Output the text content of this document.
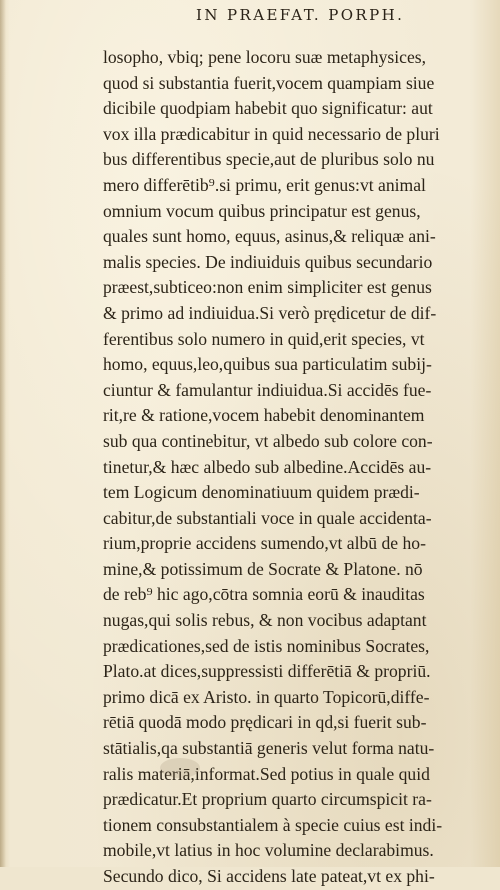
IN PRAEFAT. PORPH.
losopho, vbiq; pene locoru suæ metaphysices,
quod si substantia fuerit,vocem quampiam siue
dicibile quodpiam habebit quo significatur: aut
vox illa prædicabitur in quid necessario de pluri
bus differentibus specie,aut de pluribus solo nu
mero differētib⁹.si primu, erit genus:vt animal
omnium vocum quibus principatur est genus,
quales sunt homo, equus, asinus,& reliquæ ani-
malis species. De indiuiduis quibus secundario
præest,subticeo:non enim simpliciter est genus
& primo ad indiuidua.Si verò prędicetur de dif-
ferentibus solo numero in quid,erit species, vt
homo, equus,leo,quibus sua particulatim subij-
ciuntur & famulantur indiuidua.Si accidēs fue-
rit,re & ratione,vocem habebit denominantem
sub qua continebitur, vt albedo sub colore con-
tinetur,& hæc albedo sub albedine.Accidēs au-
tem Logicum denominatiuum quidem prædi-
cabitur,de substantiali voce in quale accidenta-
rium,proprie accidens sumendo,vt albū de ho-
mine,& potissimum de Socrate & Platone. nō
de reb⁹ hic ago,cōtra somnia eorū & inauditas
nugas,qui solis rebus, & non vocibus adaptant
prædicationes,sed de istis nominibus Socrates,
Plato.at dices,suppressisti differētiā & propriū.
primo dicā ex Aristo. in quarto Topicorū,diffe-
rētiā quodā modo prędicari in qd,si fuerit sub-
stātialis,qa substantiā generis velut forma natu-
ralis materiā,informat.Sed potius in quale quid
prædicatur.Et proprium quarto circumspicit ra-
tionem consubstantialem à specie cuius est indi-
mobile,vt latius in hoc volumine declarabimus.
Secundo dico, Si accidens late pateat,vt ex phi-
